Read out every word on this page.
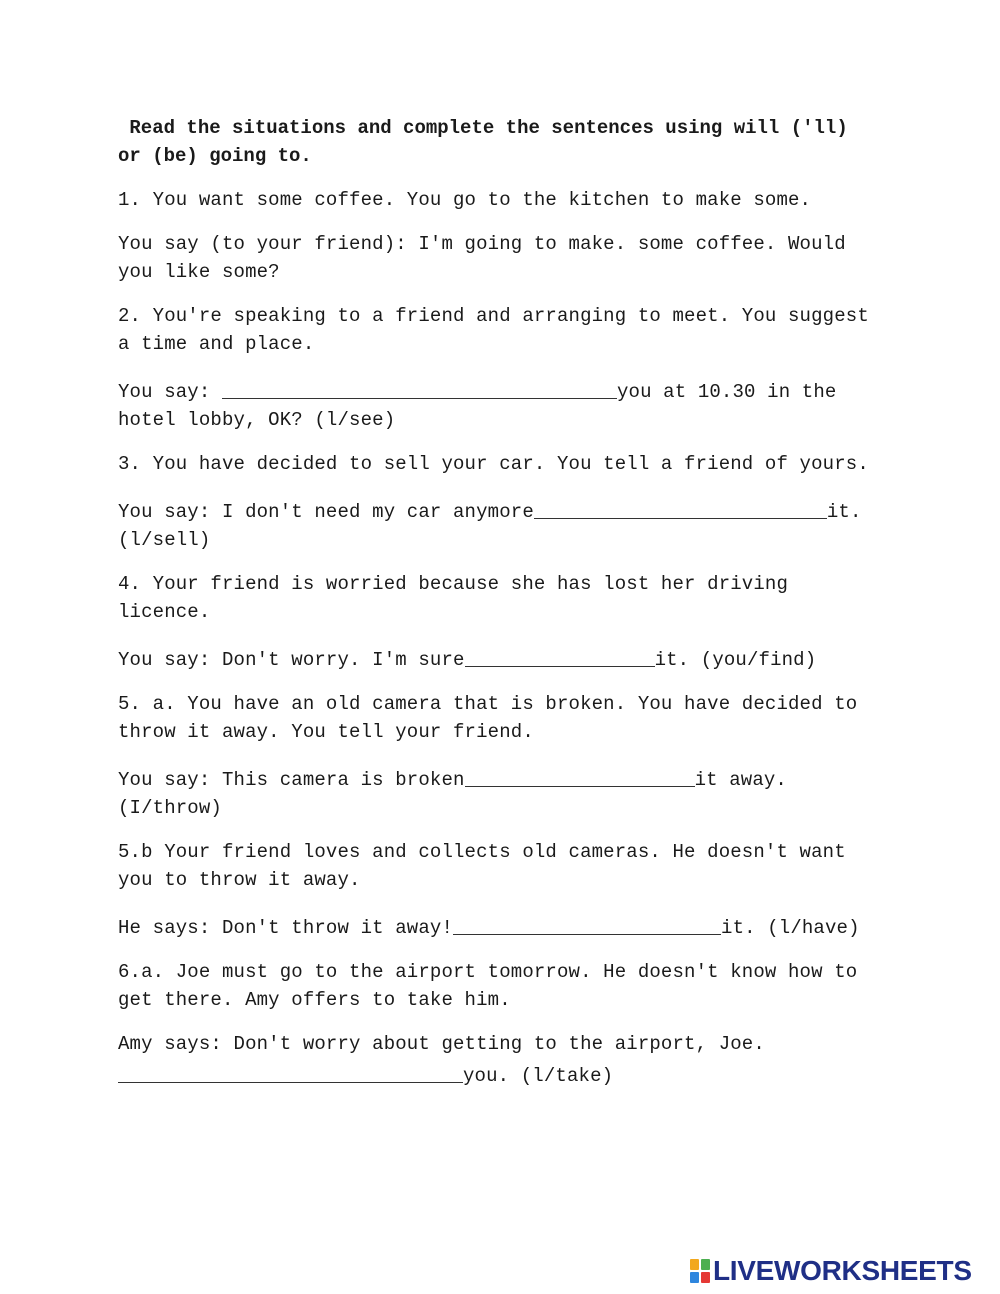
Read the situations and complete the sentences using will ('ll) or (be) going to.
1. You want some coffee. You go to the kitchen to make some.
You say (to your friend): I'm going to make. some coffee. Would you like some?
2. You're speaking to a friend and arranging to meet. You suggest a time and place.
You say:	you at 10.30 in the hotel lobby, OK? (l/see)
3. You have decided to sell your car. You tell a friend of yours.
You say: I don't need my car anymore	it. (l/sell)
4. Your friend is worried because she has lost her driving licence.
You say: Don't worry. I'm sure	it. (you/find)
5. a. You have an old camera that is broken. You have decided to throw it away. You tell your friend.
You say: This camera is broken	it away. (I/throw)
5.b Your friend loves and collects old cameras. He doesn't want you to throw it away.
He says: Don't throw it away!	it. (l/have)
6.a. Joe must go to the airport tomorrow. He doesn't know how to get there. Amy offers to take him.
Amy says: Don't worry about getting to the airport, Joe.you. (l/take)
LIVEWORKSHEETS
